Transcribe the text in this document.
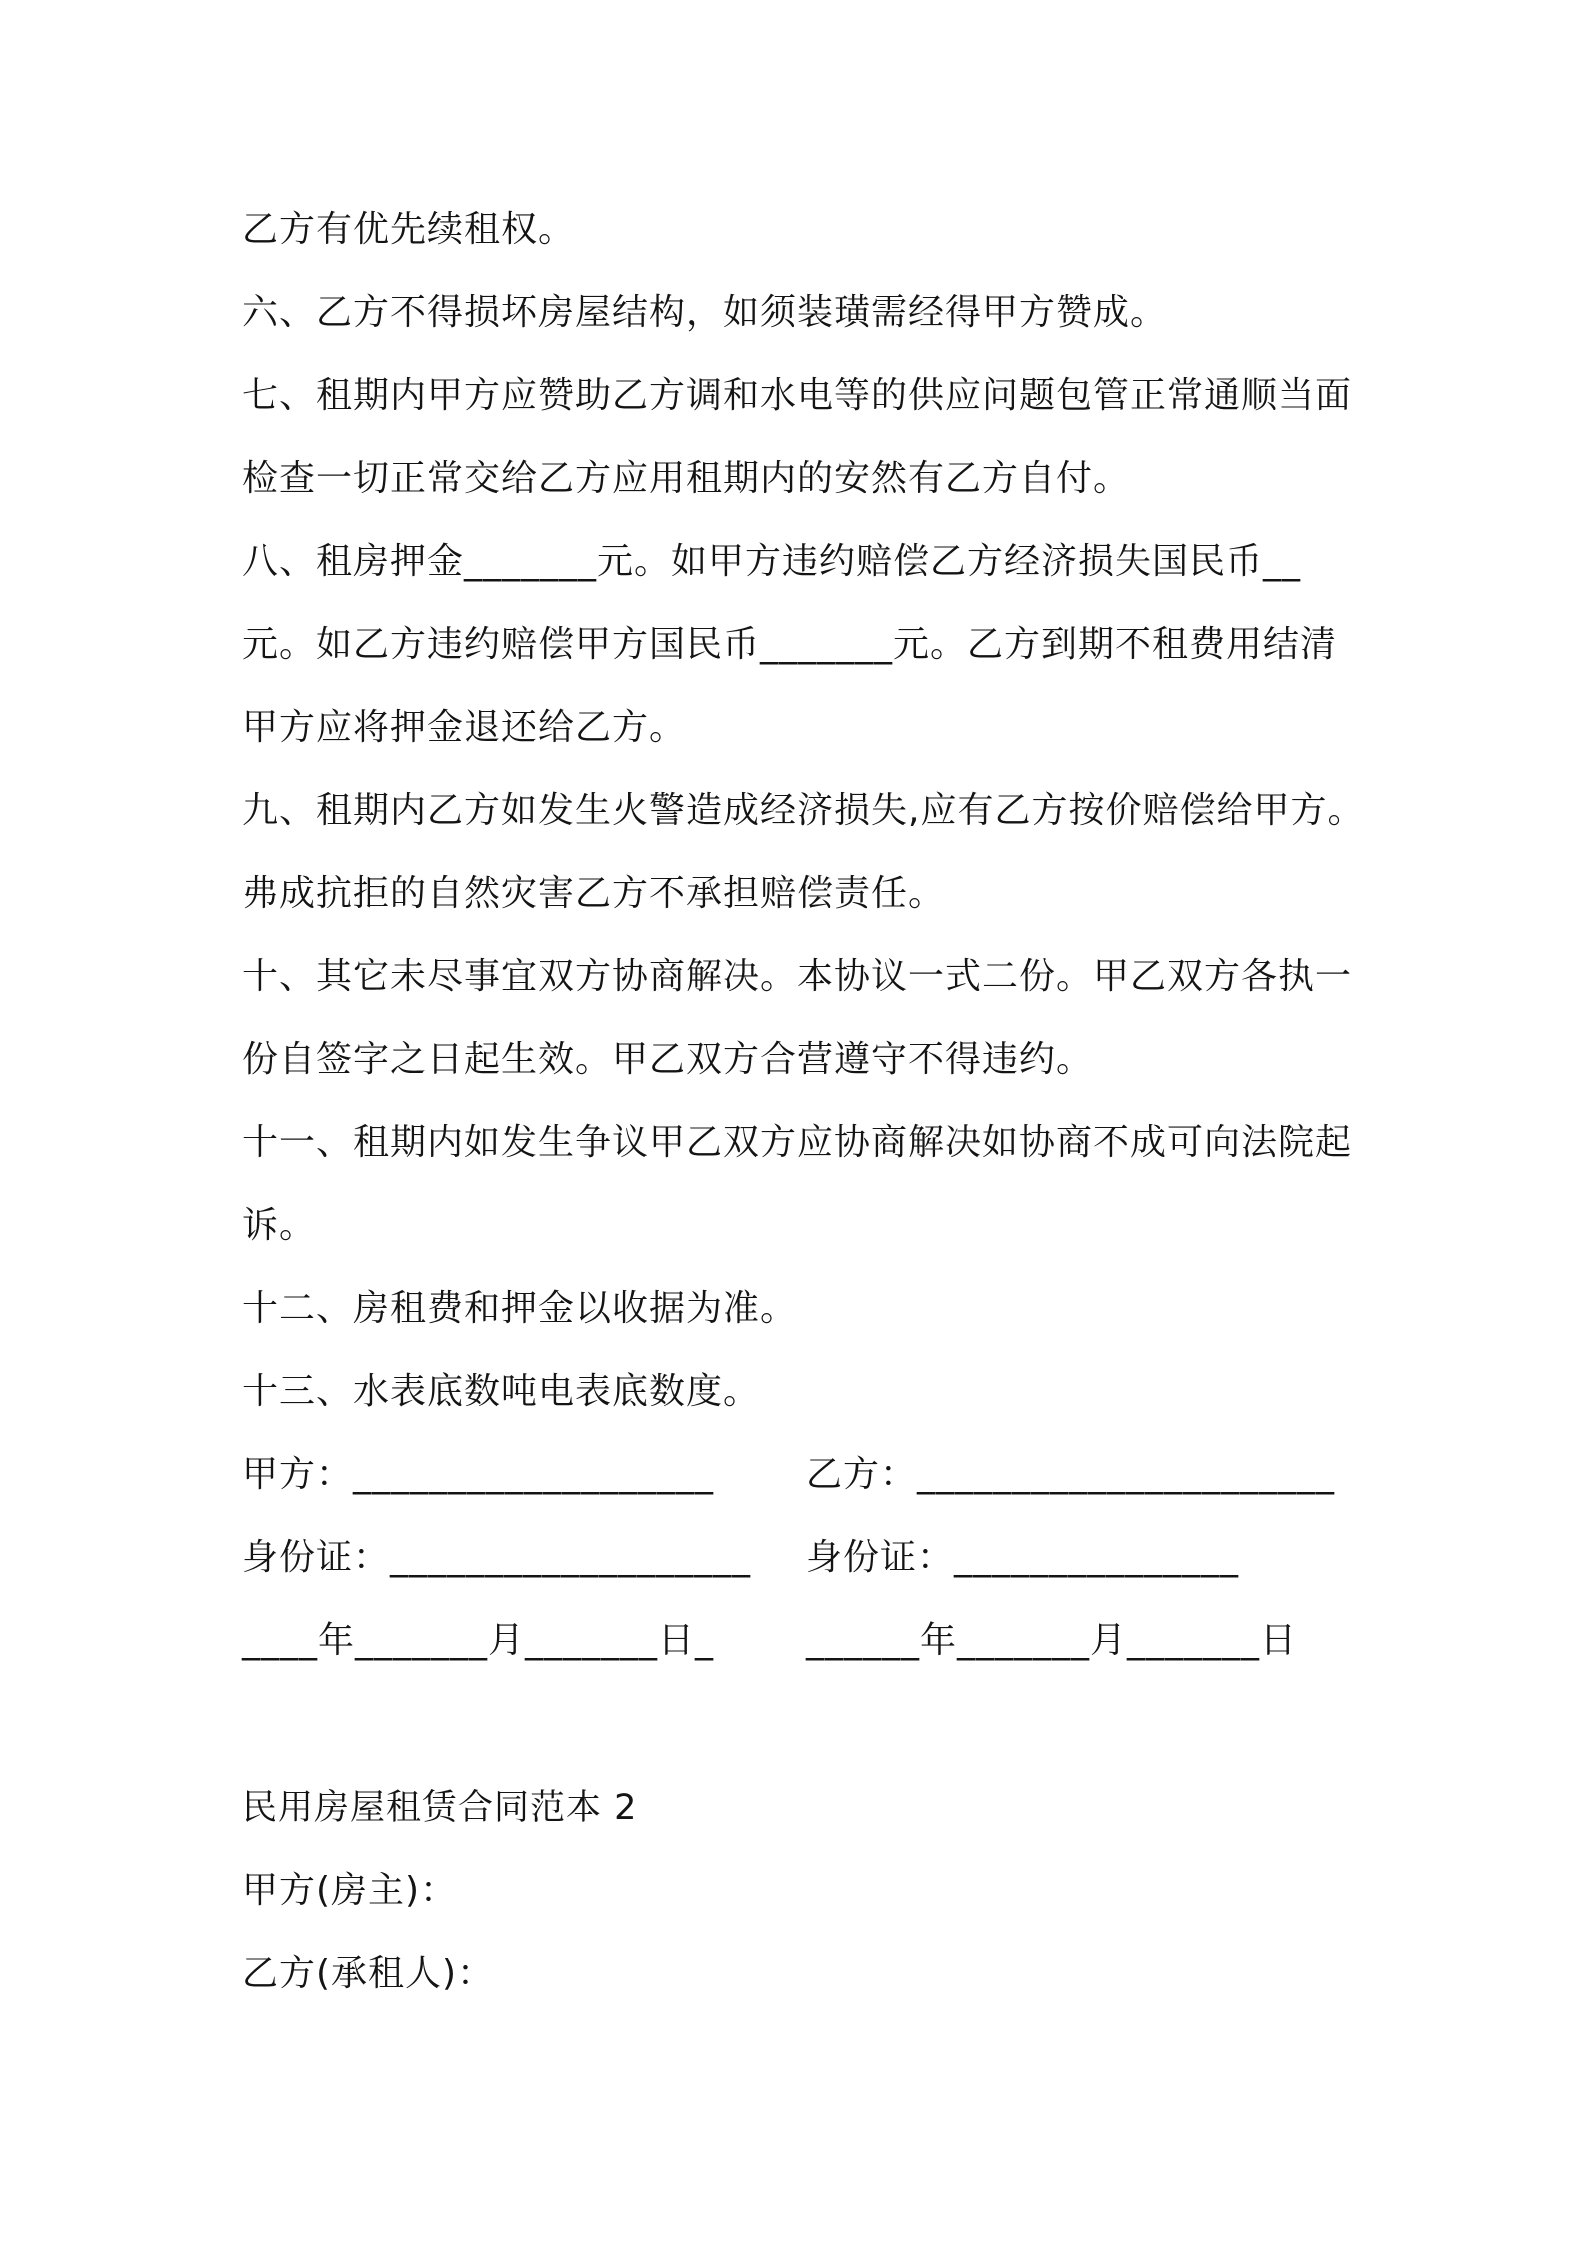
乙方有优先续租权。
六、乙方不得损坏房屋结构，如须装璜需经得甲方赞成。
七、租期内甲方应赞助乙方调和水电等的供应问题包管正常通顺当面
检查一切正常交给乙方应用租期内的安然有乙方自付。
八、租房押金_______元。如甲方违约赔偿乙方经济损失国民币__
元。如乙方违约赔偿甲方国民币_______元。乙方到期不租费用结清
甲方应将押金退还给乙方。
九、租期内乙方如发生火警造成经济损失,应有乙方按价赔偿给甲方。
弗成抗拒的自然灾害乙方不承担赔偿责任。
十、其它未尽事宜双方协商解决。本协议一式二份。甲乙双方各执一
份自签字之日起生效。甲乙双方合营遵守不得违约。
十一、租期内如发生争议甲乙双方应协商解决如协商不成可向法院起
诉。
十二、房租费和押金以收据为准。
十三、水表底数吨电表底数度。
甲方：___________________	乙方：______________________
身份证：___________________ 身份证：_______________
____年_______月_______日_	______年_______月_______日
民用房屋租赁合同范本 2
甲方(房主)：
乙方(承租人)：
